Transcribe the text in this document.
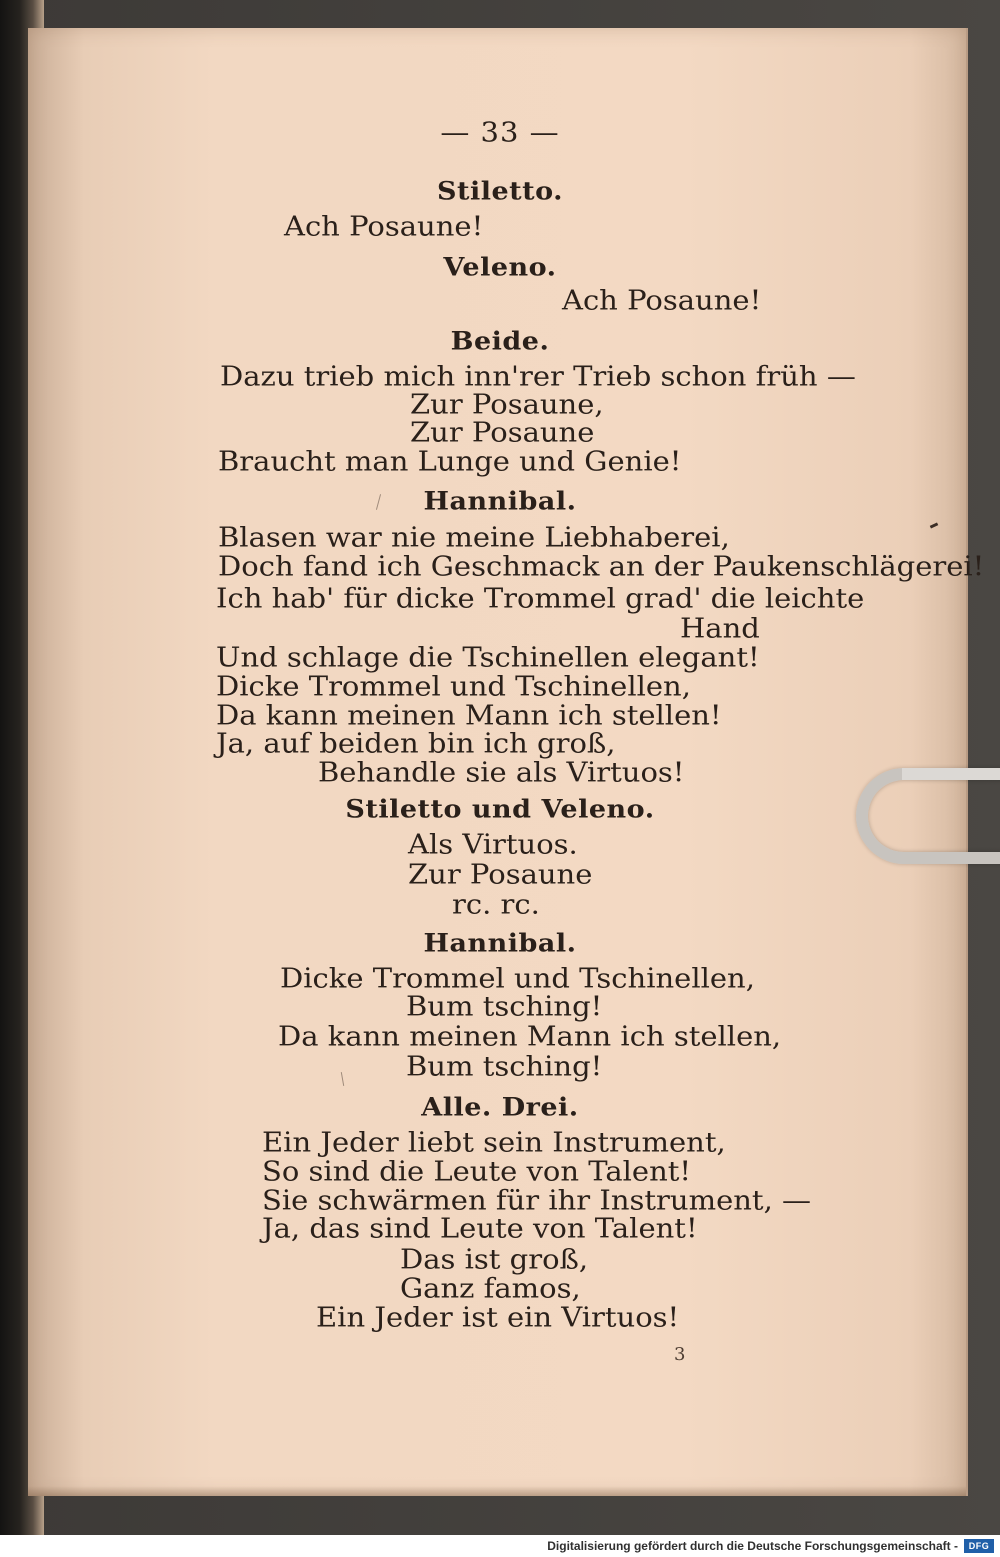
— 33 —
Stiletto.
Ach Posaune!
Veleno.
Ach Posaune!
Beide.
Dazu trieb mich inn'rer Trieb schon früh —
Zur Posaune,
Zur Posaune
Braucht man Lunge und Genie!
Hannibal.
Blasen war nie meine Liebhaberei,
Doch fand ich Geschmack an der Paukenschlägerei!
Ich hab' für dicke Trommel grad' die leichte
Hand
Und schlage die Tschinellen elegant!
Dicke Trommel und Tschinellen,
Da kann meinen Mann ich stellen!
Ja, auf beiden bin ich groß,
Behandle sie als Virtuos!
Stiletto und Veleno.
Als Virtuos.
Zur Posaune
rc. rc.
Hannibal.
Dicke Trommel und Tschinellen,
Bum tsching!
Da kann meinen Mann ich stellen,
Bum tsching!
Alle. Drei.
Ein Jeder liebt sein Instrument,
So sind die Leute von Talent!
Sie schwärmen für ihr Instrument, —
Ja, das sind Leute von Talent!
Das ist groß,
Ganz famos,
Ein Jeder ist ein Virtuos!
3
Digitalisierung gefördert durch die Deutsche Forschungsgemeinschaft -	DFG
